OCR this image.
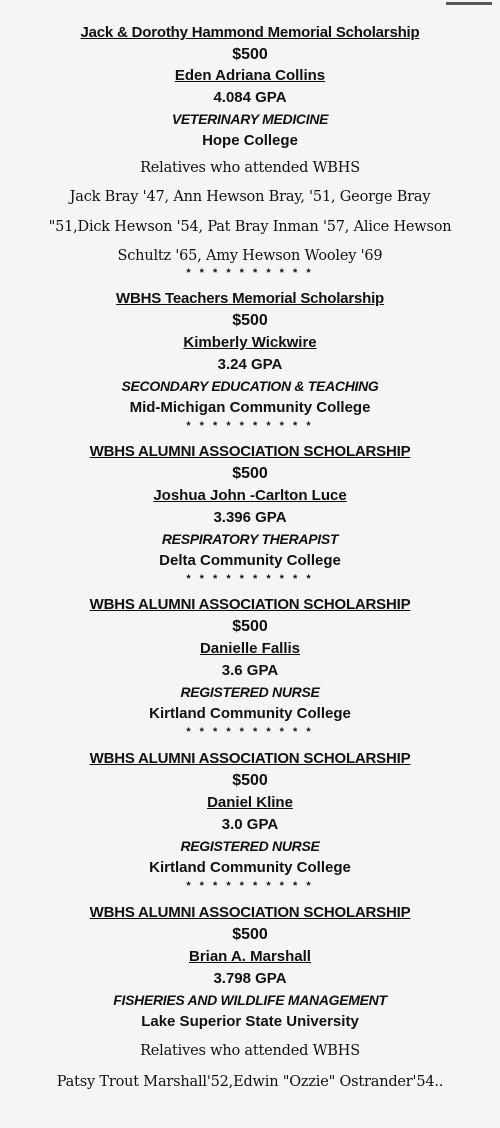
Jack & Dorothy Hammond Memorial Scholarship
$500
Eden Adriana Collins
4.084 GPA
VETERINARY MEDICINE
Hope College
Relatives who attended WBHS
Jack Bray '47, Ann Hewson Bray, '51, George Bray
"51,Dick Hewson '54, Pat Bray Inman '57, Alice Hewson
Schultz '65, Amy Hewson Wooley '69
* * * * * * * * * *
WBHS Teachers Memorial Scholarship
$500
Kimberly Wickwire
3.24 GPA
SECONDARY EDUCATION & TEACHING
Mid-Michigan Community College
* * * * * * * * * *
WBHS ALUMNI ASSOCIATION SCHOLARSHIP
$500
Joshua John -Carlton Luce
3.396 GPA
RESPIRATORY THERAPIST
Delta Community College
* * * * * * * * * *
WBHS ALUMNI ASSOCIATION SCHOLARSHIP
$500
Danielle Fallis
3.6 GPA
REGISTERED NURSE
Kirtland Community College
* * * * * * * * * *
WBHS ALUMNI ASSOCIATION SCHOLARSHIP
$500
Daniel Kline
3.0 GPA
REGISTERED NURSE
Kirtland Community College
* * * * * * * * * *
WBHS ALUMNI ASSOCIATION SCHOLARSHIP
$500
Brian A. Marshall
3.798 GPA
FISHERIES AND WILDLIFE MANAGEMENT
Lake Superior State University
Relatives who attended WBHS
Patsy Trout Marshall'52,Edwin "Ozzie" Ostrander'54..
